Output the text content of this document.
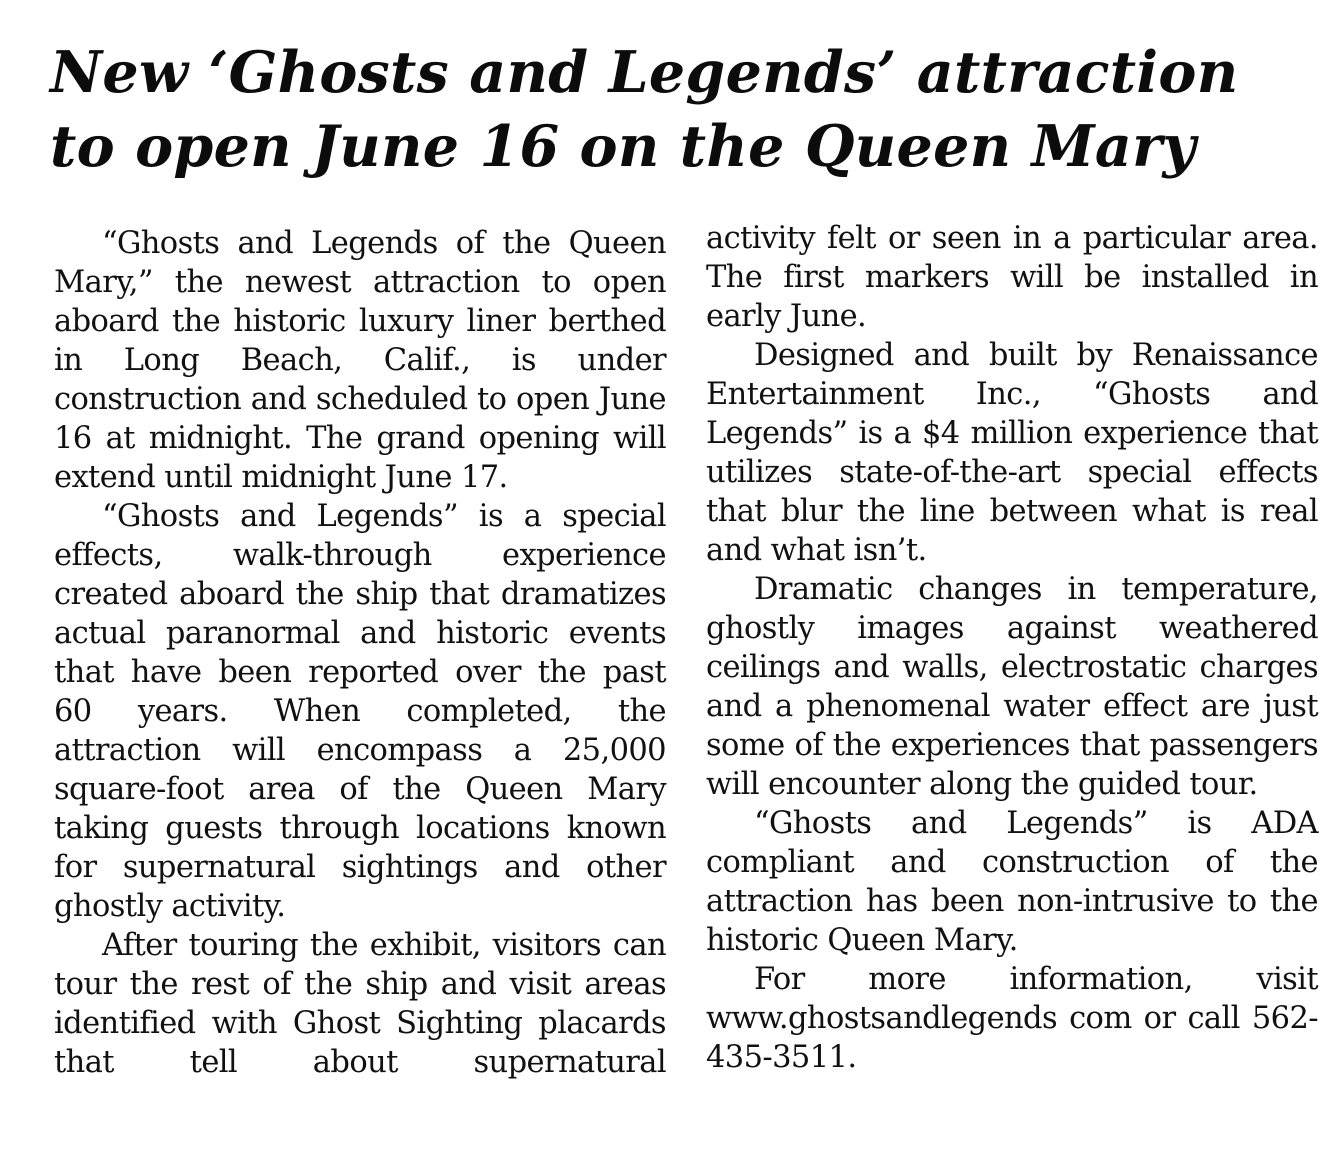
New ‘Ghosts and Legends’ attraction
to open June 16 on the Queen Mary

“Ghosts and Legends of the Queen Mary,” the newest attraction to open aboard the historic luxury liner berthed in Long Beach, Calif., is under construction and scheduled to open June 16 at midnight. The grand opening will extend until midnight June 17.

“Ghosts and Legends” is a special effects, walk-through experience created aboard the ship that dramatizes actual paranormal and historic events that have been reported over the past 60 years. When completed, the attraction will encompass a 25,000 square-foot area of the Queen Mary taking guests through locations known for supernatural sightings and other ghostly activity.

After touring the exhibit, visitors can tour the rest of the ship and visit areas identified with Ghost Sighting placards that tell about supernatural

activity felt or seen in a particular area. The first markers will be installed in early June.

Designed and built by Renaissance Entertainment Inc., “Ghosts and Legends” is a $4 million experience that utilizes state-of-the-art special effects that blur the line between what is real and what isn’t.

Dramatic changes in temperature, ghostly images against weathered ceilings and walls, electrostatic charges and a phenomenal water effect are just some of the experiences that passengers will encounter along the guided tour.

“Ghosts and Legends” is ADA compliant and construction of the attraction has been non-intrusive to the historic Queen Mary.

For more information, visit www.ghostsandlegends com or call 562-435-3511.
